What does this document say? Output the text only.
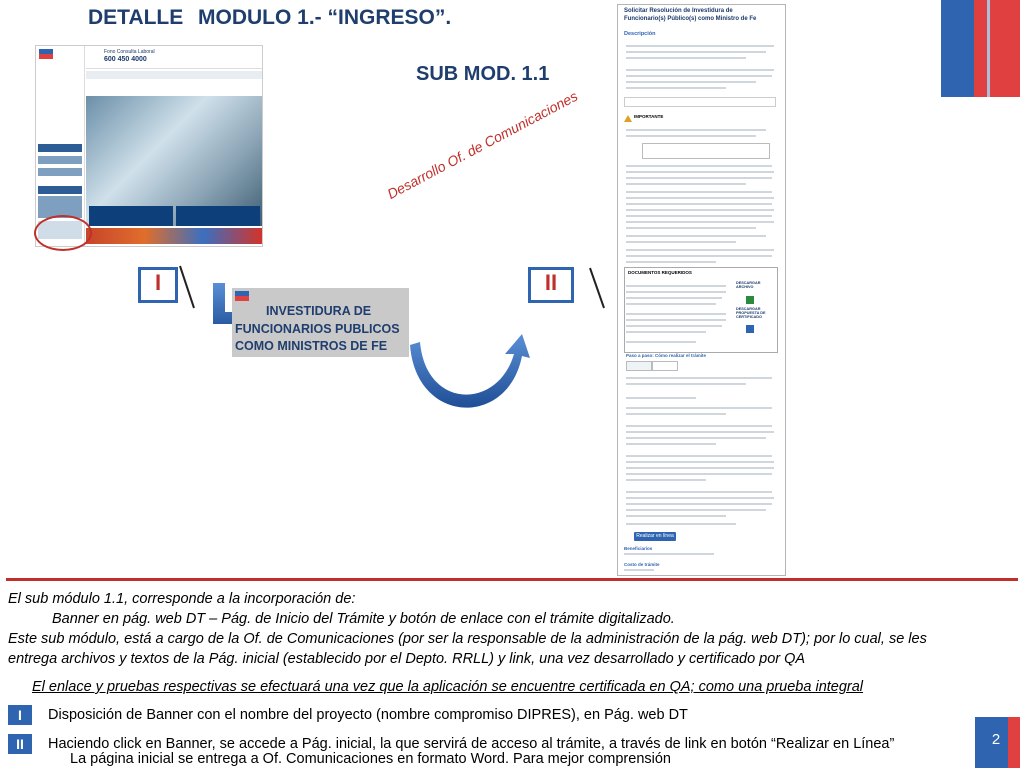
DETALLE MODULO 1.- “INGRESO”.
SUB MOD. 1.1
Fono Consulta Laboral
600 450 4000
I
INVESTIDURA DE
FUNCIONARIOS PUBLICOS
COMO MINISTROS DE FE
II
Desarrollo Of. de Comunicaciones
Solicitar Resolución de Investidura de Funcionario(s) Público(s) como Ministro de Fe
Descripción
IMPORTANTE
DOCUMENTOS REQUERIDOS
DESCARGAR ARCHIVO
DESCARGAR PROPUESTA DE CERTIFICADO
Paso a paso: Cómo realizar el trámite
Realizar en línea
Beneficiarios
Costo de trámite
El sub módulo 1.1, corresponde a la incorporación de:
Banner en pág. web DT – Pág. de Inicio del Trámite y botón de enlace con el trámite digitalizado.
Este sub módulo, está a cargo de la Of. de Comunicaciones (por ser la responsable de la administración de la pág. web DT); por lo cual, se les
entrega archivos y textos de la Pág. inicial (establecido por el Depto. RRLL) y link, una vez desarrollado y certificado por QA
El enlace y pruebas respectivas se efectuará una vez que la aplicación se encuentre certificada en QA; como una prueba integral
I	Disposición de Banner con el nombre del proyecto (nombre compromiso DIPRES), en Pág. web DT
II	Haciendo click en Banner, se accede a Pág. inicial, la que servirá de acceso al trámite, a través de link en botón “Realizar en Línea”
La página inicial se entrega a Of. Comunicaciones en formato Word. Para mejor comprensión
2
